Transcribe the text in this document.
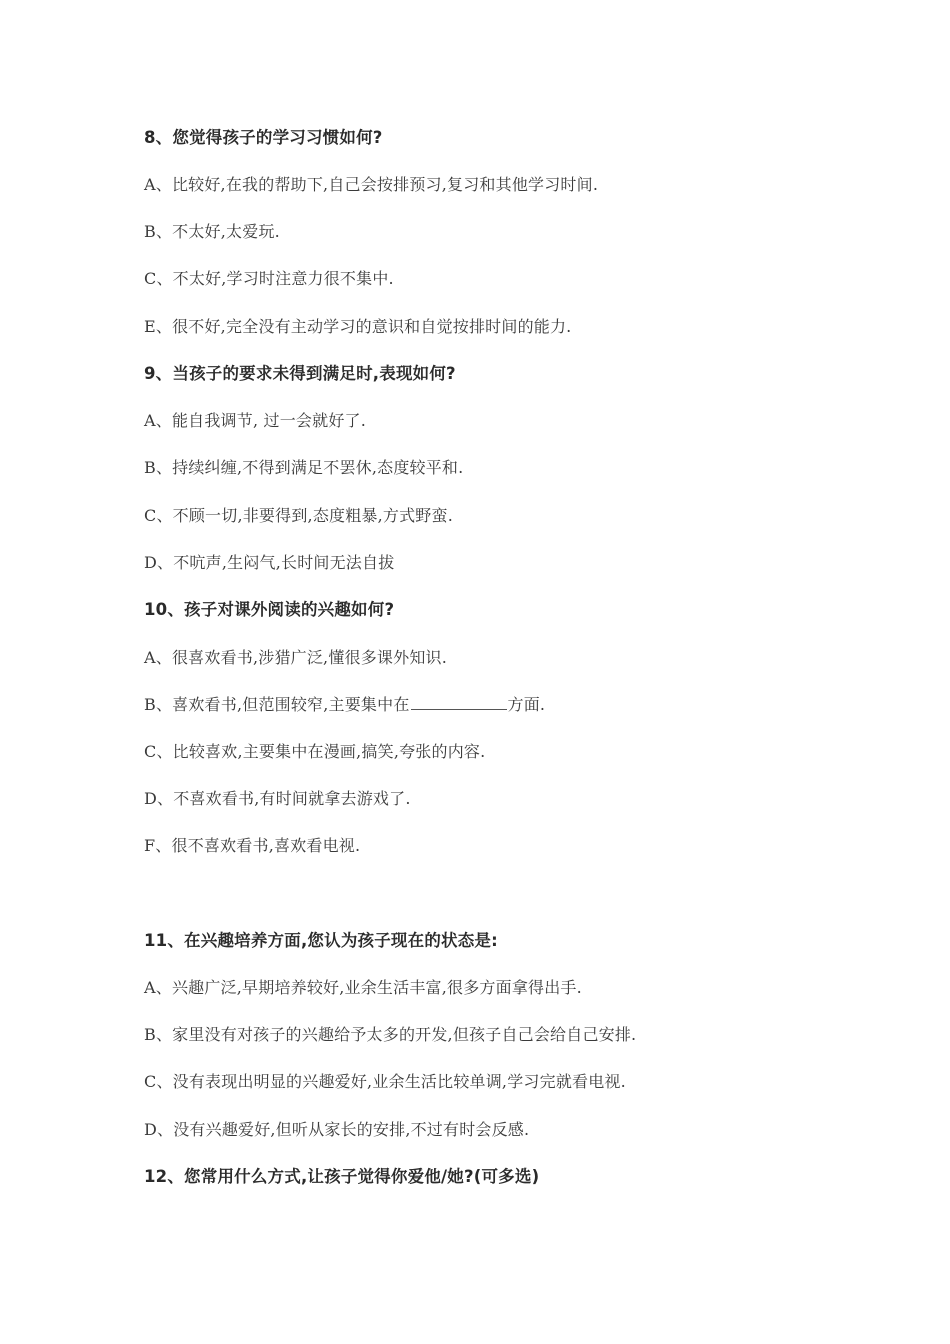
8、您觉得孩子的学习习惯如何?
A、比较好,在我的帮助下,自己会按排预习,复习和其他学习时间.
B、不太好,太爱玩.
C、不太好,学习时注意力很不集中.
E、很不好,完全没有主动学习的意识和自觉按排时间的能力.
9、当孩子的要求未得到满足时,表现如何?
A、能自我调节, 过一会就好了.
B、持续纠缠,不得到满足不罢休,态度较平和.
C、不顾一切,非要得到,态度粗暴,方式野蛮.
D、不吭声,生闷气,长时间无法自拔
10、孩子对课外阅读的兴趣如何?
A、很喜欢看书,涉猎广泛,懂很多课外知识.
B、喜欢看书,但范围较窄,主要集中在	方面.
C、比较喜欢,主要集中在漫画,搞笑,夸张的内容.
D、不喜欢看书,有时间就拿去游戏了.
F、很不喜欢看书,喜欢看电视.
11、在兴趣培养方面,您认为孩子现在的状态是:
A、兴趣广泛,早期培养较好,业余生活丰富,很多方面拿得出手.
B、家里没有对孩子的兴趣给予太多的开发,但孩子自己会给自己安排.
C、没有表现出明显的兴趣爱好,业余生活比较单调,学习完就看电视.
D、没有兴趣爱好,但听从家长的安排,不过有时会反感.
12、您常用什么方式,让孩子觉得你爱他/她?(可多选)
